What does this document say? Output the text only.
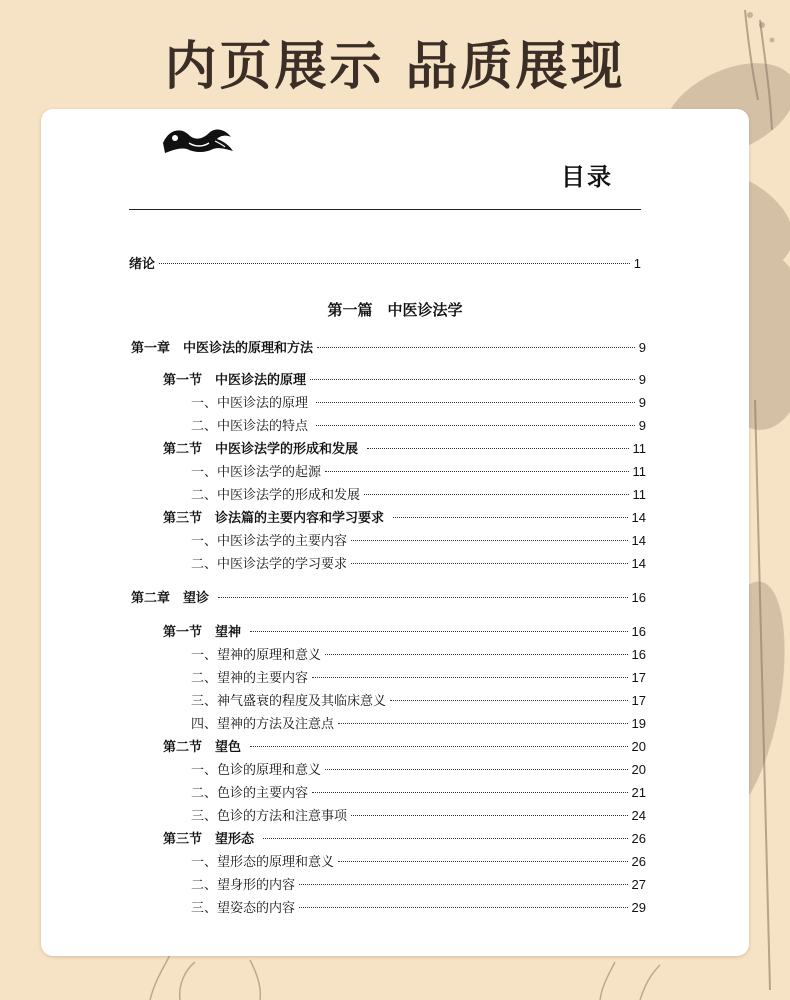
内页展示 品质展现
目录
绪论	1
第一篇　中医诊法学
第一章　中医诊法的原理和方法	9
第一节　中医诊法的原理	9
一、中医诊法的原理	9
二、中医诊法的特点	9
第二节　中医诊法学的形成和发展	11
一、中医诊法学的起源	11
二、中医诊法学的形成和发展	11
第三节　诊法篇的主要内容和学习要求	14
一、中医诊法学的主要内容	14
二、中医诊法学的学习要求	14
第二章　望诊	16
第一节　望神	16
一、望神的原理和意义	16
二、望神的主要内容	17
三、神气盛衰的程度及其临床意义	17
四、望神的方法及注意点	19
第二节　望色	20
一、色诊的原理和意义	20
二、色诊的主要内容	21
三、色诊的方法和注意事项	24
第三节　望形态	26
一、望形态的原理和意义	26
二、望身形的内容	27
三、望姿态的内容	29
